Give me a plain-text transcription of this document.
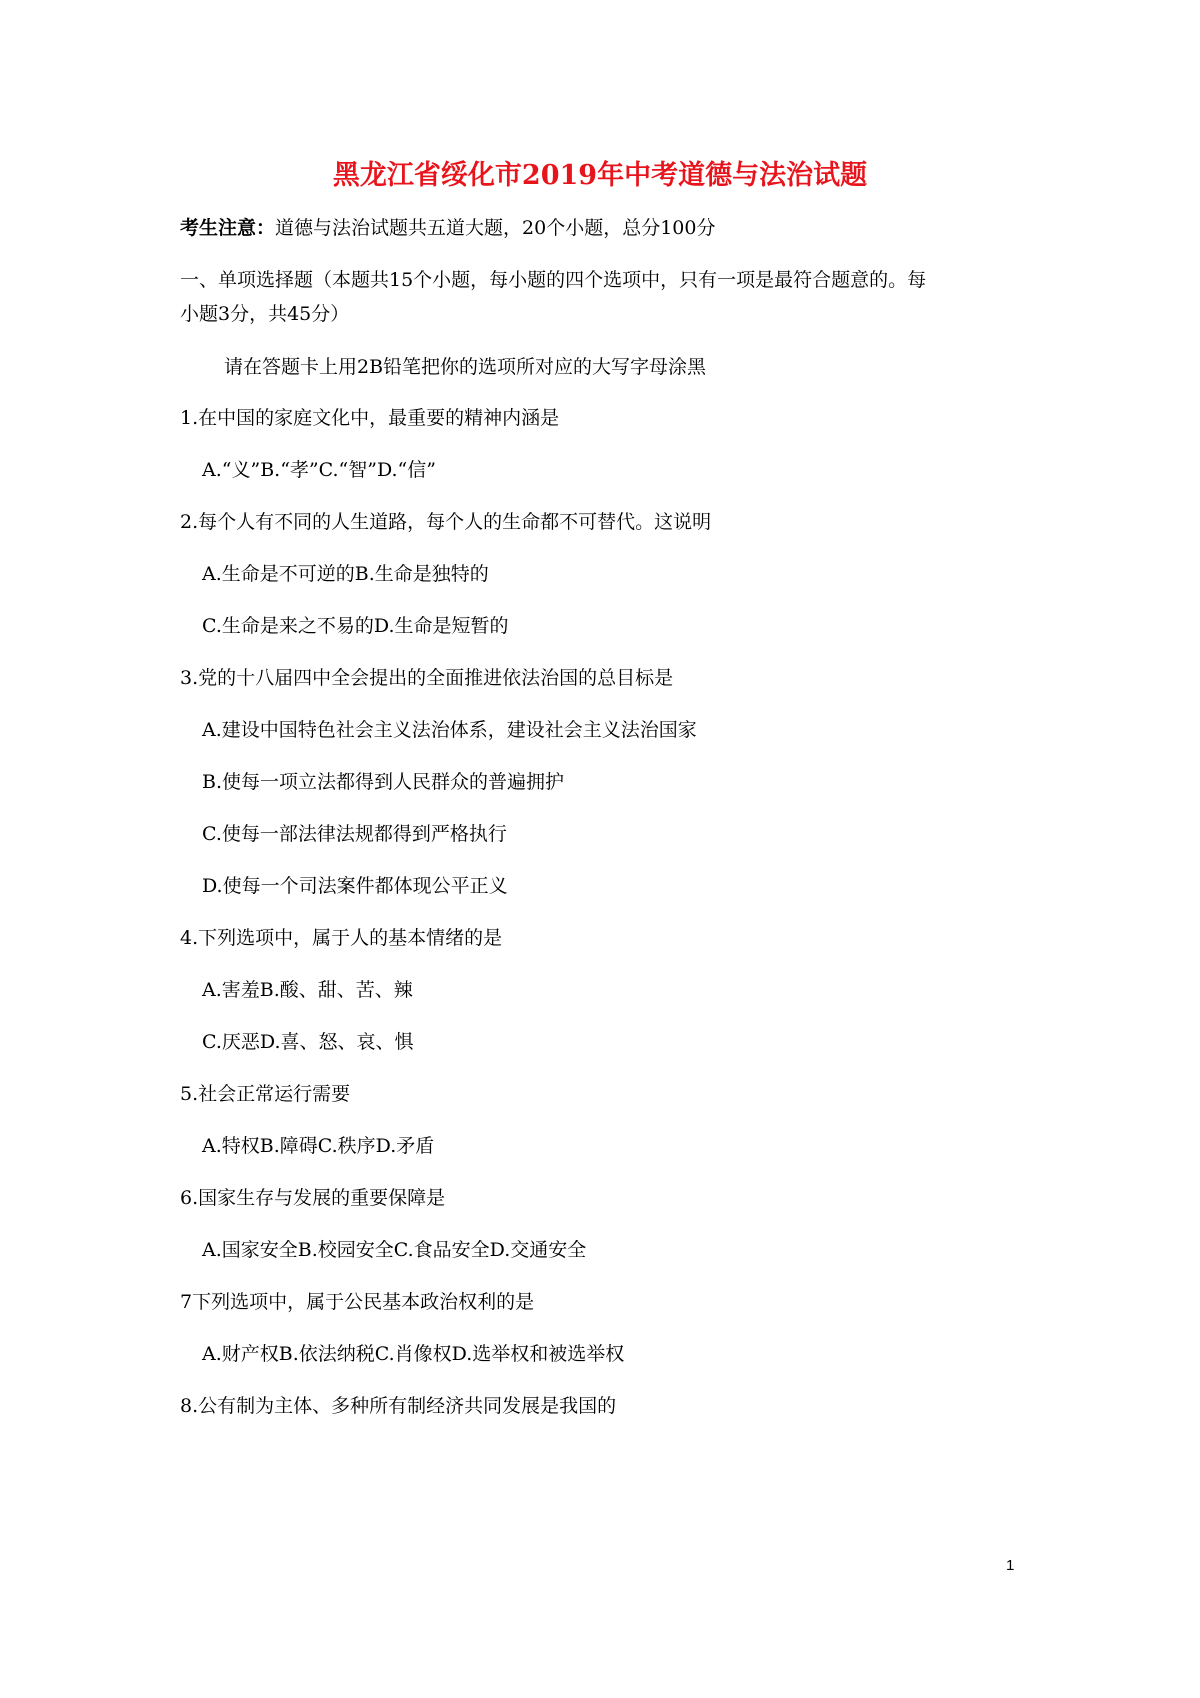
黑龙江省绥化市2019年中考道德与法治试题
考生注意：道德与法治试题共五道大题，20个小题，总分100分
一、单项选择题（本题共15个小题，每小题的四个选项中，只有一项是最符合题意的。每
小题3分，共45分）
请在答题卡上用2B铅笔把你的选项所对应的大写字母涂黑
1.在中国的家庭文化中，最重要的精神内涵是
A.“义”B.“孝”C.“智”D.“信”
2.每个人有不同的人生道路，每个人的生命都不可替代。这说明
A.生命是不可逆的B.生命是独特的
C.生命是来之不易的D.生命是短暂的
3.党的十八届四中全会提出的全面推进依法治国的总目标是
A.建设中国特色社会主义法治体系，建设社会主义法治国家
B.使每一项立法都得到人民群众的普遍拥护
C.使每一部法律法规都得到严格执行
D.使每一个司法案件都体现公平正义
4.下列选项中，属于人的基本情绪的是
A.害羞B.酸、甜、苦、辣
C.厌恶D.喜、怒、哀、惧
5.社会正常运行需要
A.特权B.障碍C.秩序D.矛盾
6.国家生存与发展的重要保障是
A.国家安全B.校园安全C.食品安全D.交通安全
7下列选项中，属于公民基本政治权利的是
A.财产权B.依法纳税C.肖像权D.选举权和被选举权
8.公有制为主体、多种所有制经济共同发展是我国的
1
